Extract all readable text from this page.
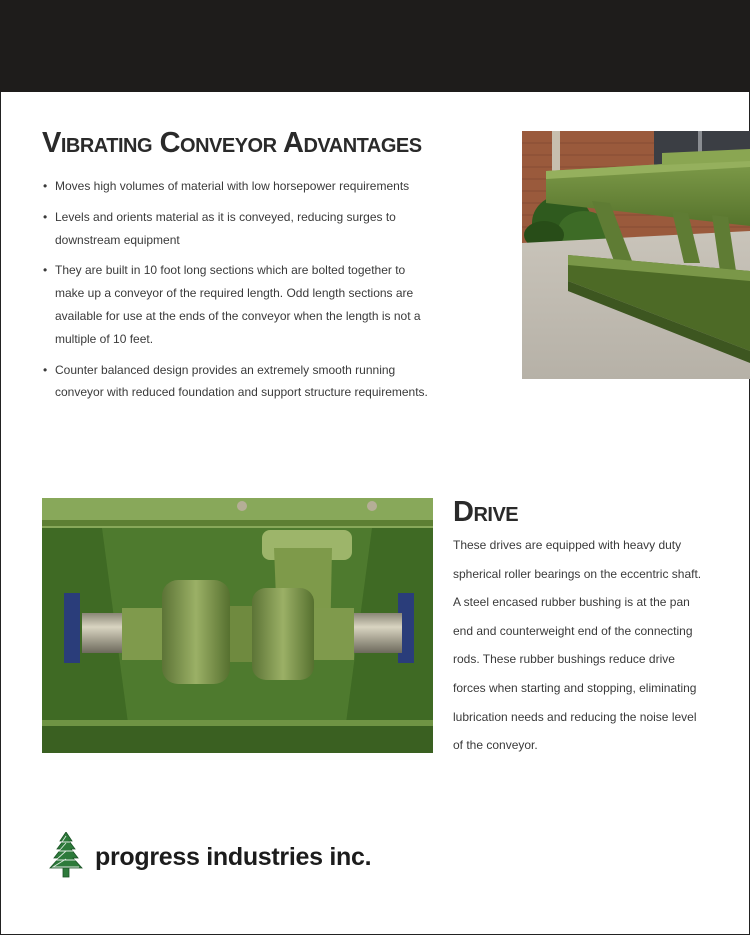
Vibrating Conveyor Advantages
• Moves high volumes of material with low horsepower requirements
• Levels and orients material as it is conveyed, reducing surges to downstream equipment
• They are built in 10 foot long sections which are bolted together to make up a conveyor of the required length. Odd length sections are available for use at the ends of the conveyor when the length is not a multiple of 10 feet.
• Counter balanced design provides an extremely smooth running conveyor with reduced foundation and support structure requirements.
Drive

These drives are equipped with heavy duty spherical roller bearings on the eccentric shaft. A steel encased rubber bushing is at the pan end and counterweight end of the connecting rods. These rubber bushings reduce drive forces when starting and stopping, eliminating lubrication needs and reducing the noise level of the conveyor.

progress industries inc.
